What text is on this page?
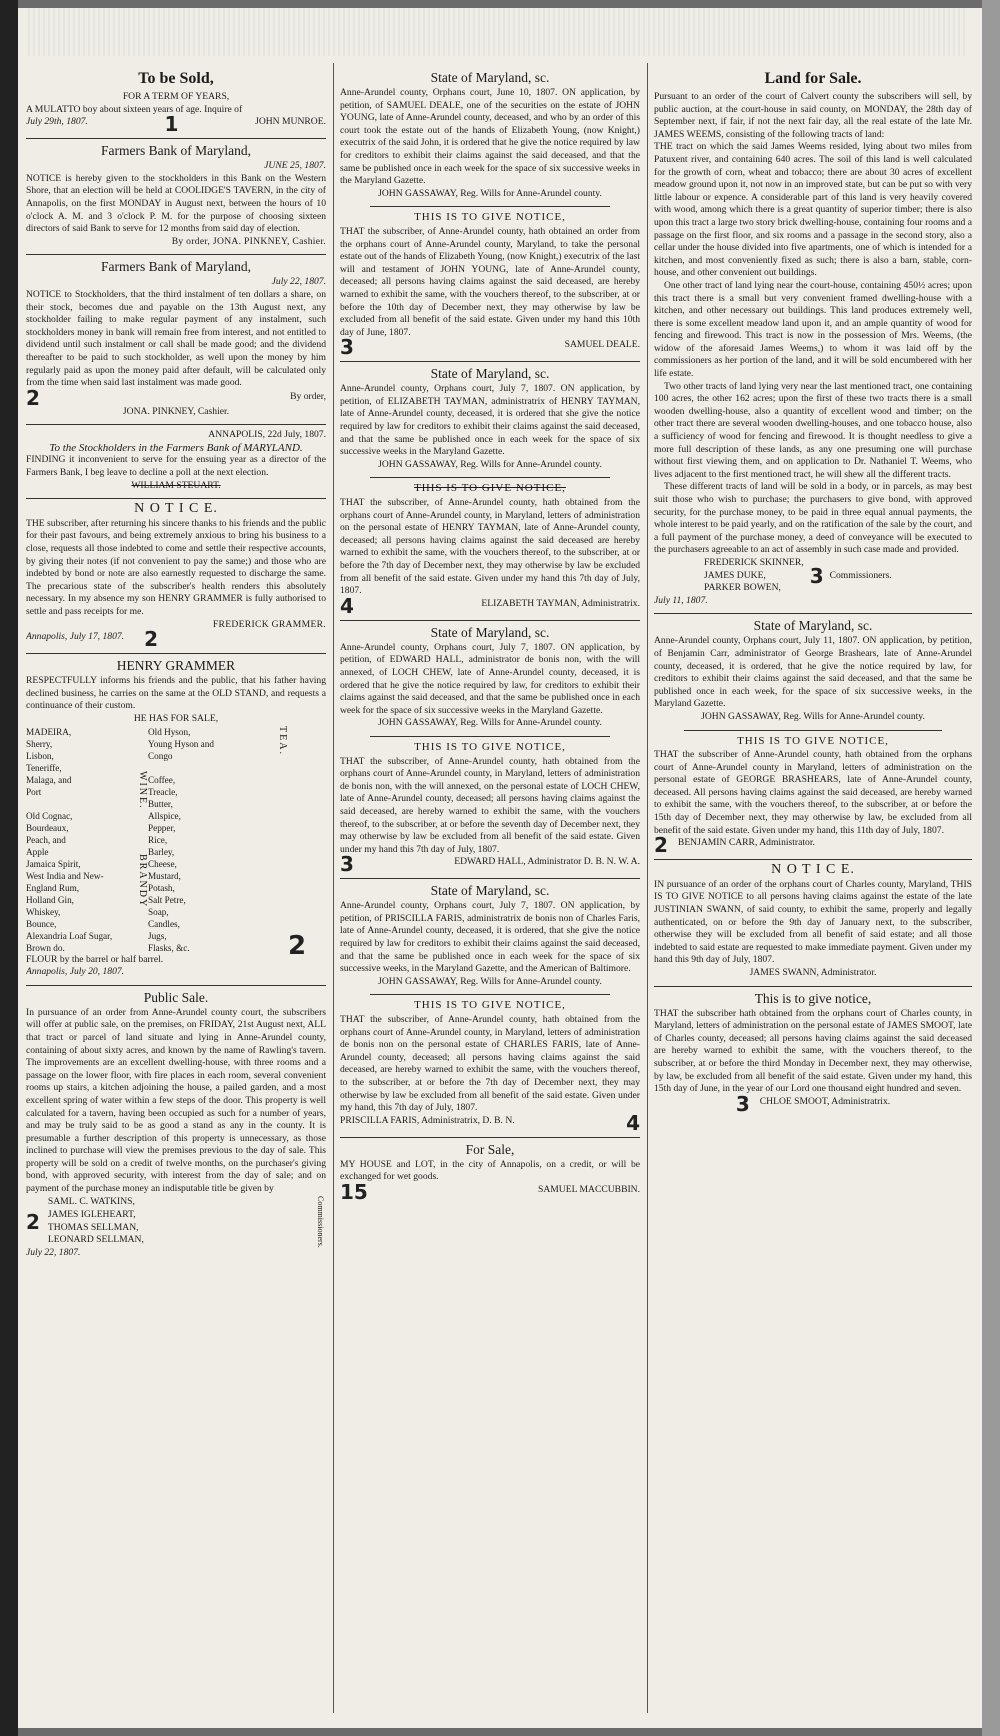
To be Sold,
FOR A TERM OF YEARS,
A MULATTO boy about sixteen years of age. Inquire of
July 29th, 1807.	1	JOHN MUNROE.
Farmers Bank of Maryland,
JUNE 25, 1807.
NOTICE is hereby given to the stockholders in this Bank on the Western Shore, that an election will be held at COOLIDGE'S TAVERN, in the city of Annapolis, on the first MONDAY in August next, between the hours of 10 o'clock A. M. and 3 o'clock P. M. for the purpose of choosing sixteen directors of said Bank to serve for 12 months from said day of election.
By order, JONA. PINKNEY, Cashier.
Farmers Bank of Maryland,
July 22, 1807.
NOTICE to Stockholders, that the third instalment of ten dollars a share, on their stock, becomes due and payable on the 13th August next, any stockholder failing to make regular payment of any instalment, such stockholders money in bank will remain free from interest, and not entitled to dividend until such instalment or call shall be made good; and the dividend thereafter to be paid to such stockholder, as well upon the money by him regularly paid as upon the money paid after default, will be calculated only from the time when said last instalment was made good.
2	By order,
JONA. PINKNEY, Cashier.
ANNAPOLIS, 22d July, 1807.
To the Stockholders in the Farmers Bank of MARYLAND.
FINDING it inconvenient to serve for the ensuing year as a director of the Farmers Bank, I beg leave to decline a poll at the next election.
WILLIAM STEUART.
N O T I C E.
THE subscriber, after returning his sincere thanks to his friends and the public for their past favours, and being extremely anxious to bring his business to a close, requests all those indebted to come and settle their respective accounts, by giving their notes (if not convenient to pay the same;) and those who are indebted by bond or note are also earnestly requested to discharge the same. The precarious state of the subscriber's health renders this absolutely necessary. In my absence my son HENRY GRAMMER is fully authorised to settle and pass receipts for me.
FREDERICK GRAMMER.
Annapolis, July 17, 1807. 2
HENRY GRAMMER
RESPECTFULLY informs his friends and the public, that his father having declined business, he carries on the same at the OLD STAND, and requests a continuance of their custom.
HE HAS FOR SALE,
MADEIRA,
Sherry,
Lisbon,
Teneriffe,
Malaga, and
Port

Old Cognac,
Bourdeaux,
Peach, and
Apple
Jamaica Spirit,
West India and New-
England Rum,
Holland Gin,
Whiskey,
Bounce,
Alexandria Loaf Sugar,
Brown do.
WINE. BRANDY
Old Hyson,
Young Hyson and
Congo

Coffee,
Treacle,
Butter,
Allspice,
Pepper,
Rice,
Barley,
Cheese,
Mustard,
Potash,
Salt Petre,
Soap,
Candles,
Jugs,
Flasks, &c.
TEA.
2
FLOUR by the barrel or half barrel.
Annapolis, July 20, 1807.
Public Sale.
In pursuance of an order from Anne-Arundel county court, the subscribers will offer at public sale, on the premises, on FRIDAY, 21st August next, ALL that tract or parcel of land situate and lying in Anne-Arundel county, containing of about sixty acres, and known by the name of Rawling's tavern. The improvements are an excellent dwelling-house, with three rooms and a passage on the lower floor, with fire places in each room, several convenient rooms up stairs, a kitchen adjoining the house, a pailed garden, and a most excellent spring of water within a few steps of the door. This property is well calculated for a tavern, having been occupied as such for a number of years, and may be truly said to be as good a stand as any in the county. It is presumable a further description of this property is unnecessary, as those inclined to purchase will view the premises previous to the day of sale. This property will be sold on a credit of twelve months, on the purchaser's giving bond, with approved security, with interest from the day of sale; and on payment of the purchase money an indisputable title be given by
2
SAML. C. WATKINS,
JAMES IGLEHEART,
THOMAS SELLMAN,
LEONARD SELLMAN,	Commissioners.
July 22, 1807.
State of Maryland, sc.
Anne-Arundel county, Orphans court, June 10, 1807. ON application, by petition, of SAMUEL DEALE, one of the securities on the estate of JOHN YOUNG, late of Anne-Arundel county, deceased, and who by an order of this court took the estate out of the hands of Elizabeth Young, (now Knight,) executrix of the said John, it is ordered that he give the notice required by law for creditors to exhibit their claims against the said deceased, and that the same be published once in each week for the space of six successive weeks in the Maryland Gazette.
JOHN GASSAWAY, Reg. Wills for Anne-Arundel county.
THIS IS TO GIVE NOTICE,
THAT the subscriber, of Anne-Arundel county, hath obtained an order from the orphans court of Anne-Arundel county, Maryland, to take the personal estate out of the hands of Elizabeth Young, (now Knight,) executrix of the last will and testament of JOHN YOUNG, late of Anne-Arundel county, deceased; all persons having claims against the said deceased, are hereby warned to exhibit the same, with the vouchers thereof, to the subscriber, at or before the 10th day of December next, they may otherwise by law be excluded from all benefit of the said estate. Given under my hand this 10th day of June, 1807.
3	SAMUEL DEALE.
State of Maryland, sc.
Anne-Arundel county, Orphans court, July 7, 1807. ON application, by petition, of ELIZABETH TAYMAN, administratrix of HENRY TAYMAN, late of Anne-Arundel county, deceased, it is ordered that she give the notice required by law for creditors to exhibit their claims against the said deceased, and that the same be published once in each week for the space of six successive weeks in the Maryland Gazette.
JOHN GASSAWAY, Reg. Wills for Anne-Arundel county.
THIS IS TO GIVE NOTICE,
THAT the subscriber, of Anne-Arundel county, hath obtained from the orphans court of Anne-Arundel county, in Maryland, letters of administration on the personal estate of HENRY TAYMAN, late of Anne-Arundel county, deceased; all persons having claims against the said deceased are hereby warned to exhibit the same, with the vouchers thereof, to the subscriber, at or before the 7th day of December next, they may otherwise by law be excluded from all benefit of the said estate. Given under my hand this 7th day of July, 1807.
4	ELIZABETH TAYMAN, Administratrix.
State of Maryland, sc.
Anne-Arundel county, Orphans court, July 7, 1807. ON application, by petition, of EDWARD HALL, administrator de bonis non, with the will annexed, of LOCH CHEW, late of Anne-Arundel county, deceased, it is ordered that he give the notice required by law, for creditors to exhibit their claims against the said deceased, and that the same be published once in each week for the space of six successive weeks in the Maryland Gazette.
JOHN GASSAWAY, Reg. Wills for Anne-Arundel county.
THIS IS TO GIVE NOTICE,
THAT the subscriber, of Anne-Arundel county, hath obtained from the orphans court of Anne-Arundel county, in Maryland, letters of administration de bonis non, with the will annexed, on the personal estate of LOCH CHEW, late of Anne-Arundel county, deceased; all persons having claims against the said deceased, are hereby warned to exhibit the same, with the vouchers thereof, to the subscriber, at or before the seventh day of December next, they may otherwise by law be excluded from all benefit of the said estate. Given under my hand this 7th day of July, 1807.
3	EDWARD HALL, Administrator D. B. N. W. A.
State of Maryland, sc.
Anne-Arundel county, Orphans court, July 7, 1807. ON application, by petition, of PRISCILLA FARIS, administratrix de bonis non of Charles Faris, late of Anne-Arundel county, deceased, it is ordered, that she give the notice required by law for creditors to exhibit their claims against the said deceased, and that the same be published once in each week for the space of six successive weeks, in the Maryland Gazette, and the American of Baltimore.
JOHN GASSAWAY, Reg. Wills for Anne-Arundel county.
THIS IS TO GIVE NOTICE,
THAT the subscriber, of Anne-Arundel county, hath obtained from the orphans court of Anne-Arundel county, in Maryland, letters of administration de bonis non on the personal estate of CHARLES FARIS, late of Anne-Arundel county, deceased; all persons having claims against the said deceased, are hereby warned to exhibit the same, with the vouchers thereof, to the subscriber, at or before the 7th day of December next, they may otherwise by law be excluded from all benefit of the said estate. Given under my hand, this 7th day of July, 1807.
PRISCILLA FARIS, Administratrix, D. B. N.	4
For Sale,
MY HOUSE and LOT, in the city of Annapolis, on a credit, or will be exchanged for wet goods.
15	SAMUEL MACCUBBIN.
Land for Sale.
Pursuant to an order of the court of Calvert county the subscribers will sell, by public auction, at the court-house in said county, on MONDAY, the 28th day of September next, if fair, if not the next fair day, all the real estate of the late Mr. JAMES WEEMS, consisting of the following tracts of land:
THE tract on which the said James Weems resided, lying about two miles from Patuxent river, and containing 640 acres. The soil of this land is well calculated for the growth of corn, wheat and tobacco; there are about 30 acres of excellent meadow ground upon it, not now in an improved state, but can be put so with very little labour or expence. A considerable part of this land is very heavily covered with wood, among which there is a great quantity of superior timber; there is also upon this tract a large two story brick dwelling-house, containing four rooms and a passage on the first floor, and six rooms and a passage in the second story, also a cellar under the house divided into five apartments, one of which is intended for a kitchen, and most conveniently fixed as such; there is also a barn, stable, corn-house, and other convenient out buildings.
One other tract of land lying near the court-house, containing 450½ acres; upon this tract there is a small but very convenient framed dwelling-house with a kitchen, and other necessary out buildings. This land produces extremely well, there is some excellent meadow land upon it, and an ample quantity of wood for fencing and firewood. This tract is now in the possession of Mrs. Weems, (the widow of the aforesaid James Weems,) to whom it was laid off by the commissioners as her portion of the land, and it will be sold encumbered with her life estate.
Two other tracts of land lying very near the last mentioned tract, one containing 100 acres, the other 162 acres; upon the first of these two tracts there is a small wooden dwelling-house, also a quantity of excellent wood and timber; on the other tract there are several wooden dwelling-houses, and one tobacco house, also a sufficiency of wood for fencing and firewood. It is thought needless to give a more full description of these lands, as any one presuming one will purchase without first viewing them, and on application to Dr. Nathaniel T. Weems, who lives adjacent to the first mentioned tract, he will shew all the different tracts.
These different tracts of land will be sold in a body, or in parcels, as may best suit those who wish to purchase; the purchasers to give bond, with approved security, for the purchase money, to be paid in three equal annual payments, the whole interest to be paid yearly, and on the ratification of the sale by the court, and a full payment of the purchase money, a deed of conveyance will be executed to the purchasers agreeable to an act of assembly in such case made and provided.
FREDERICK SKINNER,
JAMES DUKE,
PARKER BOWEN,	3 Commissioners.
July 11, 1807.
State of Maryland, sc.
Anne-Arundel county, Orphans court, July 11, 1807. ON application, by petition, of Benjamin Carr, administrator of George Brashears, late of Anne-Arundel county, deceased, it is ordered, that he give the notice required by law, for creditors to exhibit their claims against the said deceased, and that the same be published once in each week, for the space of six successive weeks, in the Maryland Gazette.
JOHN GASSAWAY, Reg. Wills for Anne-Arundel county.
THIS IS TO GIVE NOTICE,
THAT the subscriber of Anne-Arundel county, hath obtained from the orphans court of Anne-Arundel county in Maryland, letters of administration on the personal estate of GEORGE BRASHEARS, late of Anne-Arundel county, deceased. All persons having claims against the said deceased, are hereby warned to exhibit the same, with the vouchers thereof, to the subscriber, at or before the 15th day of December next, they may otherwise by law, be excluded from all benefit of the said estate. Given under my hand, this 11th day of July, 1807.
2 BENJAMIN CARR, Administrator.
N O T I C E.
IN pursuance of an order of the orphans court of Charles county, Maryland, THIS IS TO GIVE NOTICE to all persons having claims against the estate of the late JUSTINIAN SWANN, of said county, to exhibit the same, properly and legally authenticated, on or before the 9th day of January next, to the subscriber, otherwise they will be excluded from all benefit of said estate; and all those indebted to said estate are requested to make immediate payment. Given under my hand this 9th day of July, 1807.
JAMES SWANN, Administrator.
This is to give notice,
THAT the subscriber hath obtained from the orphans court of Charles county, in Maryland, letters of administration on the personal estate of JAMES SMOOT, late of Charles county, deceased; all persons having claims against the said deceased are hereby warned to exhibit the same, with the vouchers thereof, to the subscriber, at or before the third Monday in December next, they may otherwise, by law, be excluded from all benefit of the said estate. Given under my hand, this 15th day of June, in the year of our Lord one thousand eight hundred and seven.
3 CHLOE SMOOT, Administratrix.
